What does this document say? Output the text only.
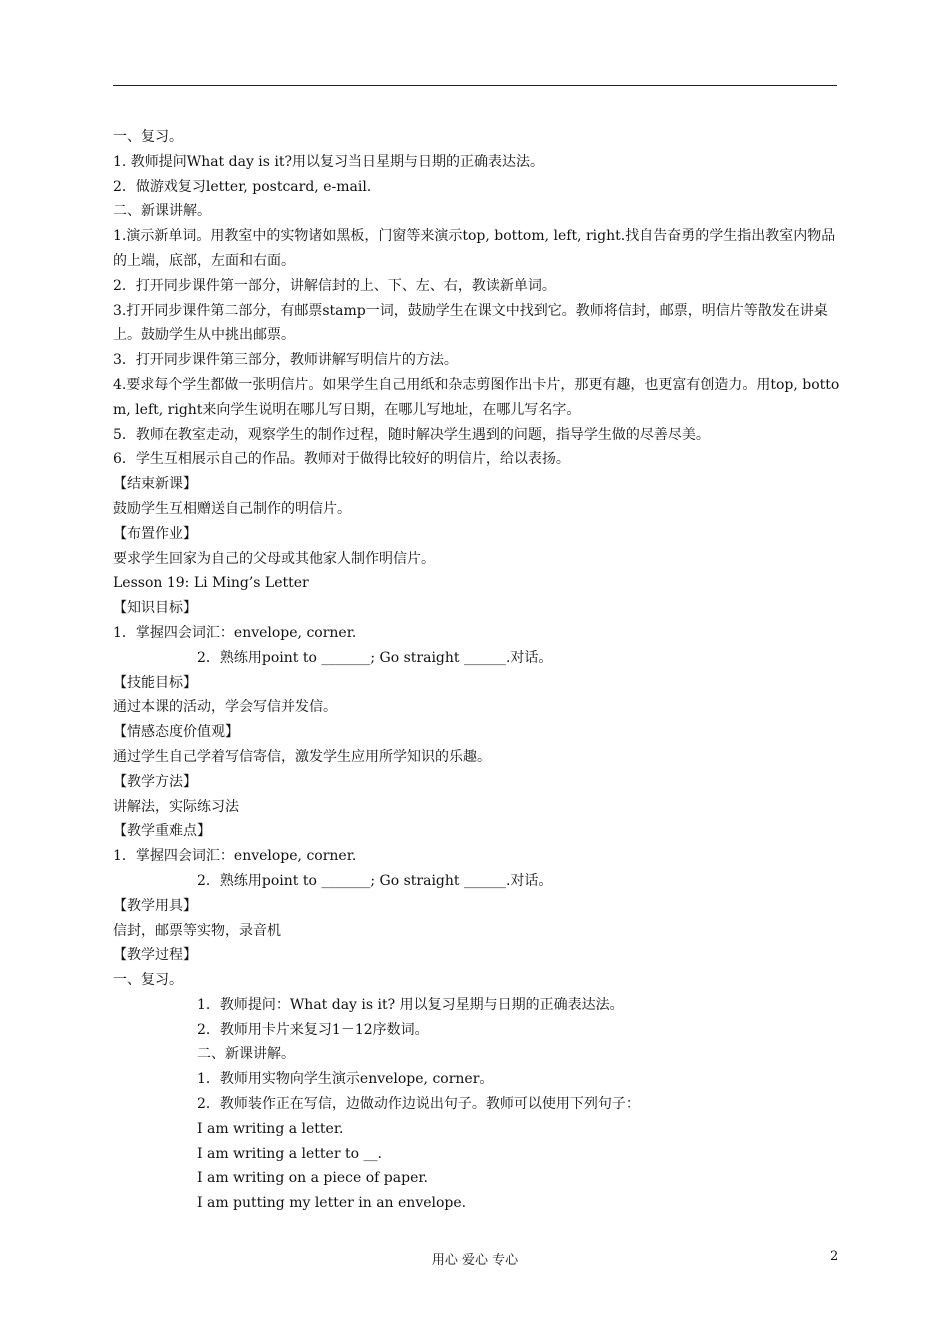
一、复习。

1. 教师提问What day is it?用以复习当日星期与日期的正确表达法。

2．做游戏复习letter, postcard, e-mail.

二、新课讲解。

1.演示新单词。用教室中的实物诸如黑板，门窗等来演示top, bottom, left, right.找自告奋勇的学生指出教室内物品的上端，底部，左面和右面。

2．打开同步课件第一部分，讲解信封的上、下、左、右，教读新单词。

3.打开同步课件第二部分，有邮票stamp一词，鼓励学生在课文中找到它。教师将信封，邮票，明信片等散发在讲桌上。鼓励学生从中挑出邮票。

3．打开同步课件第三部分，教师讲解写明信片的方法。

4.要求每个学生都做一张明信片。如果学生自己用纸和杂志剪图作出卡片，那更有趣，也更富有创造力。用top, bottom, left, right来向学生说明在哪儿写日期，在哪儿写地址，在哪儿写名字。

5．教师在教室走动，观察学生的制作过程，随时解决学生遇到的问题，指导学生做的尽善尽美。

6．学生互相展示自己的作品。教师对于做得比较好的明信片，给以表扬。

【结束新课】

鼓励学生互相赠送自己制作的明信片。

【布置作业】

要求学生回家为自己的父母或其他家人制作明信片。

Lesson 19: Li Ming’s Letter

【知识目标】

1．掌握四会词汇：envelope, corner.

2．熟练用point to _______; Go straight ______.对话。

【技能目标】

通过本课的活动，学会写信并发信。

【情感态度价值观】

通过学生自己学着写信寄信，激发学生应用所学知识的乐趣。

【教学方法】

讲解法，实际练习法

【教学重难点】

1．掌握四会词汇：envelope, corner.

2．熟练用point to _______; Go straight ______.对话。

【教学用具】

信封，邮票等实物，录音机

【教学过程】

一、复习。

1．教师提问：What day is it? 用以复习星期与日期的正确表达法。

2．教师用卡片来复习1－12序数词。

二、新课讲解。

1．教师用实物向学生演示envelope, corner。

2．教师装作正在写信，边做动作边说出句子。教师可以使用下列句子：

I am writing a letter.

I am writing a letter to __.

I am writing on a piece of paper.

I am putting my letter in an envelope.

用心 爱心 专心	2
